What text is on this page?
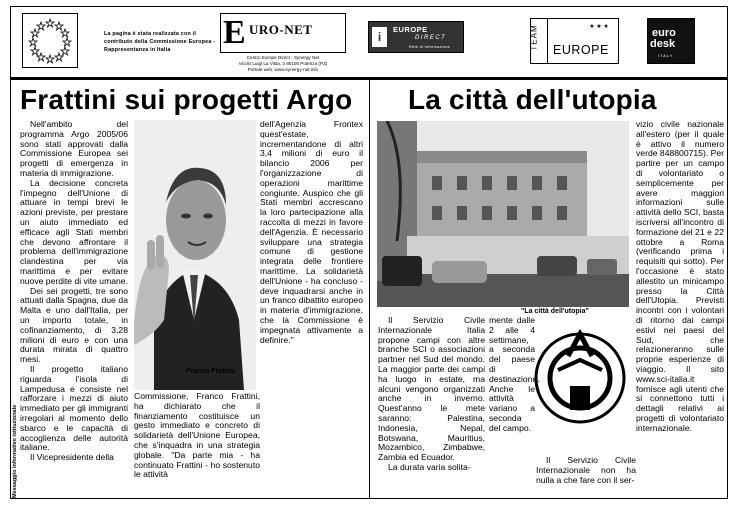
La pagina è stata realizzata con il contributo della Commissione Europea - Rappresentanza in Italia	E URO-NET
Centro Europe Direct - Synergy Net
Vicolo Luigi La Vista, 3 85100 Potenza (PZ)
Portale web: www.synergy-net.info
i
EUROPE
DIRECT
Rete di Informazione	TEAM	★ ★ ★
EUROPE
euro
desk
ITALY
Messaggio informativo istituzionale
Frattini sui progetti Argo

Nell'ambito del programma Argo 2005/06 sono stati approvati dalla Commissione Europea sei progetti di emergenza in materia di immigrazione.

La decisione concreta l'impegno dell'Unione di attuare in tempi brevi le azioni previste, per prestare un aiuto immediato ed efficace agli Stati membri che devono affrontare il problema dell'immigrazione clandestina per via marittima e per evitare nuove perdite di vite umane.

Dei sei progetti, tre sono attuati dalla Spagna, due da Malta e uno dall'Italia, per un importo totale, in cofinanziamento, di 3,28 milioni di euro e con una durata mirata di quattro mesi.

Il progetto italiano riguarda l'isola di Lampedusa e consiste nel rafforzare i mezzi di aiuto immediato per gli immigranti irregolari al momento dello sbarco e le capacità di accoglienza delle autorità italiane.

Il Vicepresidente della

Franco Frattini

Commissione, Franco Frattini, ha dichiarato che il finanziamento costituisce un gesto immediato e concreto di solidarietà dell'Unione Europea, che s'inquadra in una strategia globale. "Da parte mia - ha continuato Frattini - ho sostenuto le attività

dell'Agenzia Frontex quest'estate, incrementandone di altri 3,4 milioni di euro il bilancio 2006 per l'organizzazione di operazioni marittime congiunte. Auspico che gli Stati membri accrescano la loro partecipazione alla raccolta di mezzi in favore dell'Agenzia. È necessario sviluppare una strategia comune di gestione integrata delle frontiere marittime. La solidarietà dell'Unione - ha concluso - deve inquadrarsi anche in un franco dibattito europeo in materia d'immigrazione, che la Commissione è impegnata attivamente a definire."

La città dell'utopia
"La città dell'utopia"

Il Servizio Civile Internazionale Italia propone campi con altre branche SCI o associazioni partner nel Sud del mondo. La maggior parte dei campi ha luogo in estate, ma alcuni vengono organizzati anche in inverno. Quest'anno le mete saranno: Palestina, Indonesia, Nepal, Botswana, Mauritius, Mozambico, Zimbabwe, Zambia ed Ecuador.

La durata varia solita-

mente dalle 2 alle 4 settimane, a seconda del paese di destinazione. Anche le attività variano a seconda del campo.

Il Servizio Civile Internazionale non ha nulla a che fare con il ser-

vizio civile nazionale all'estero (per il quale è attivo il numero verde 848800715). Per partire per un campo di volontariato o semplicemente per avere maggiori informazioni sulle attività dello SCI, basta iscriversi all'incontro di formazione del 21 e 22 ottobre a Roma (verificando prima i requisiti qui sotto). Per l'occasione è stato allestito un minicampo presso la Città dell'Utopia. Previsti incontri con i volontari di ritorno dai campi estivi nei paesi del Sud, che relazioneranno sulle proprie esperienze di viaggio. Il sito www.sci-italia.it fornisce agli utenti che si connettono tutti i dettagli relativi ai progetti di volontariato internazionale.
